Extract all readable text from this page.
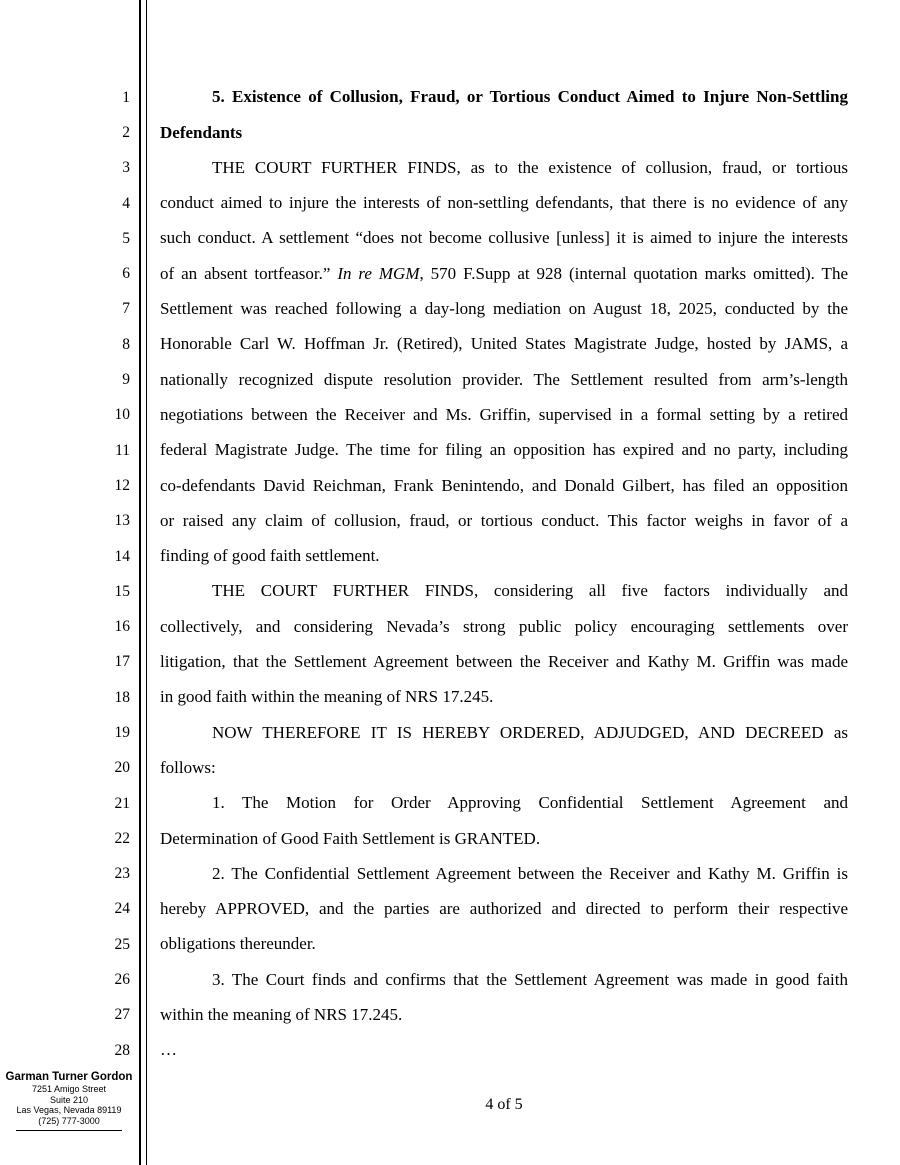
1
2
3
4
5
6
7
8
9
10
11
12
13
14
15
16
17
18
19
20
21
22
23
24
25
26
27
28
5. Existence of Collusion, Fraud, or Tortious Conduct Aimed to Injure Non-Settling
Defendants
THE COURT FURTHER FINDS, as to the existence of collusion, fraud, or tortious
conduct aimed to injure the interests of non-settling defendants, that there is no evidence of any
such conduct. A settlement “does not become collusive [unless] it is aimed to injure the interests
of an absent tortfeasor.” In re MGM, 570 F.Supp at 928 (internal quotation marks omitted). The
Settlement was reached following a day-long mediation on August 18, 2025, conducted by the
Honorable Carl W. Hoffman Jr. (Retired), United States Magistrate Judge, hosted by JAMS, a
nationally recognized dispute resolution provider. The Settlement resulted from arm’s-length
negotiations between the Receiver and Ms. Griffin, supervised in a formal setting by a retired
federal Magistrate Judge. The time for filing an opposition has expired and no party, including
co-defendants David Reichman, Frank Benintendo, and Donald Gilbert, has filed an opposition
or raised any claim of collusion, fraud, or tortious conduct. This factor weighs in favor of a
finding of good faith settlement.
THE COURT FURTHER FINDS, considering all five factors individually and
collectively, and considering Nevada’s strong public policy encouraging settlements over
litigation, that the Settlement Agreement between the Receiver and Kathy M. Griffin was made
in good faith within the meaning of NRS 17.245.
NOW THEREFORE IT IS HEREBY ORDERED, ADJUDGED, AND DECREED as
follows:
1. The Motion for Order Approving Confidential Settlement Agreement and
Determination of Good Faith Settlement is GRANTED.
2. The Confidential Settlement Agreement between the Receiver and Kathy M. Griffin is
hereby APPROVED, and the parties are authorized and directed to perform their respective
obligations thereunder.
3. The Court finds and confirms that the Settlement Agreement was made in good faith
within the meaning of NRS 17.245.
…
4 of 5
Garman Turner Gordon
7251 Amigo Street
Suite 210
Las Vegas, Nevada 89119
(725) 777-3000
